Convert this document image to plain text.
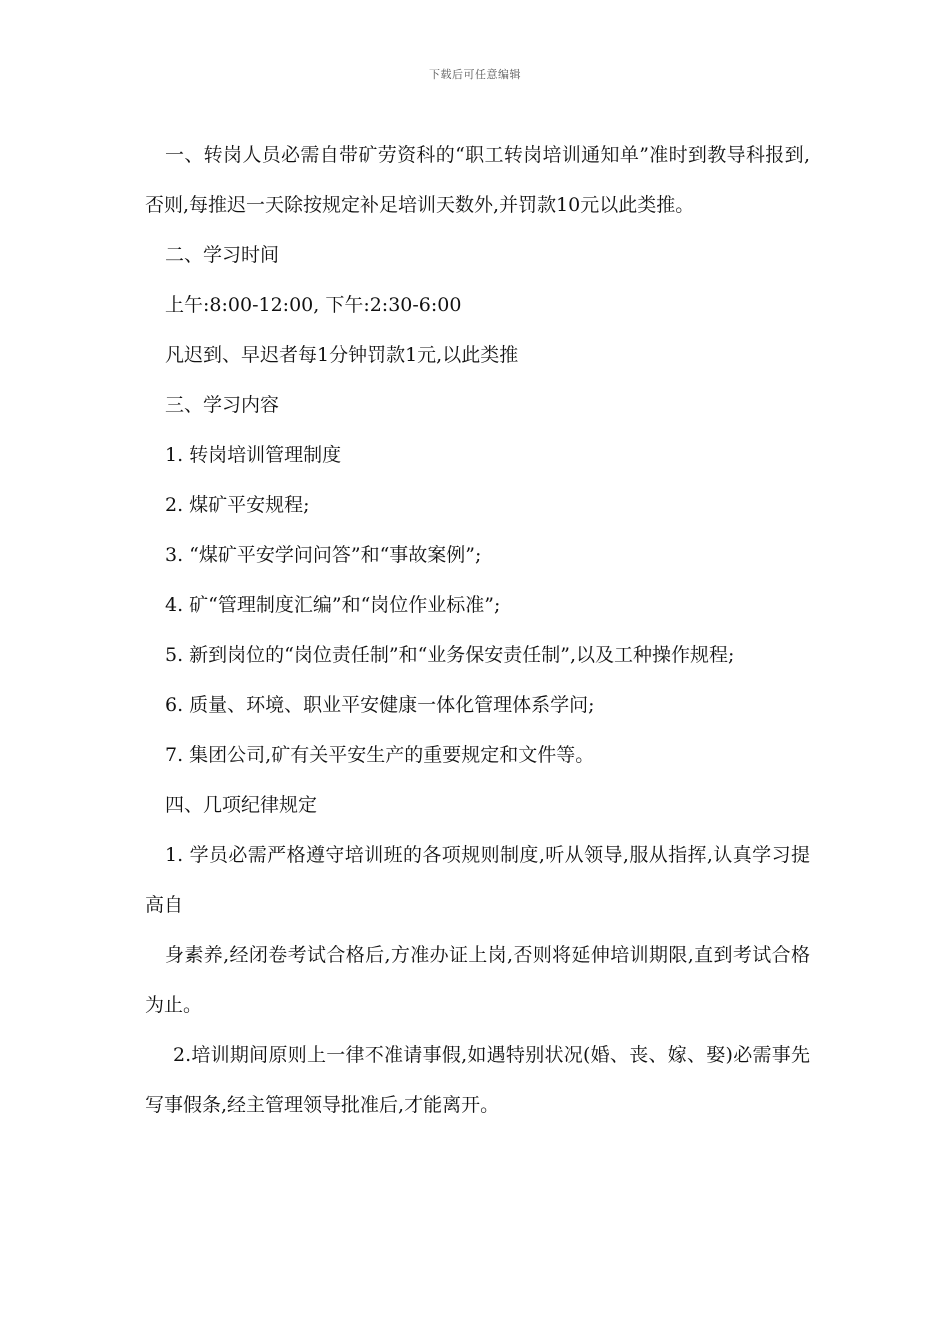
下载后可任意编辑

一、转岗人员必需自带矿劳资科的“职工转岗培训通知单”准时到教导科报到,否则,每推迟一天除按规定补足培训天数外,并罚款10元以此类推。

二、学习时间

上午:8:00-12:00, 下午:2:30-6:00

凡迟到、早迟者每1分钟罚款1元,以此类推

三、学习内容

1. 转岗培训管理制度

2. 煤矿平安规程;

3. “煤矿平安学问问答”和“事故案例”;

4. 矿“管理制度汇编”和“岗位作业标准”;

5. 新到岗位的“岗位责任制”和“业务保安责任制”,以及工种操作规程;

6. 质量、环境、职业平安健康一体化管理体系学问;

7. 集团公司,矿有关平安生产的重要规定和文件等。

四、几项纪律规定

1. 学员必需严格遵守培训班的各项规则制度,听从领导,服从指挥,认真学习提高自

身素养,经闭卷考试合格后,方准办证上岗,否则将延伸培训期限,直到考试合格为止。

2.培训期间原则上一律不准请事假,如遇特别状况(婚、丧、嫁、娶)必需事先写事假条,经主管理领导批准后,才能离开。
